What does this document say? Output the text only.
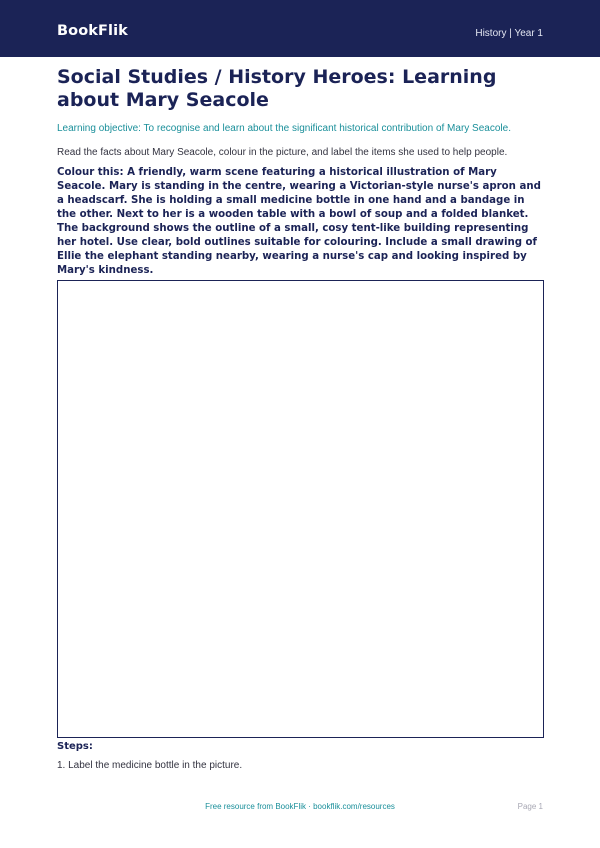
BookFlik	History | Year 1
Social Studies / History Heroes: Learning about Mary Seacole

Learning objective: To recognise and learn about the significant historical contribution of Mary Seacole.

Read the facts about Mary Seacole, colour in the picture, and label the items she used to help people.

Colour this: A friendly, warm scene featuring a historical illustration of Mary Seacole. Mary is standing in the centre, wearing a Victorian-style nurse's apron and a headscarf. She is holding a small medicine bottle in one hand and a bandage in the other. Next to her is a wooden table with a bowl of soup and a folded blanket. The background shows the outline of a small, cosy tent-like building representing her hotel. Use clear, bold outlines suitable for colouring. Include a small drawing of Ellie the elephant standing nearby, wearing a nurse's cap and looking inspired by Mary's kindness.

Steps:
1. Label the medicine bottle in the picture.
Free resource from BookFlik · bookflik.com/resources	Page 1
